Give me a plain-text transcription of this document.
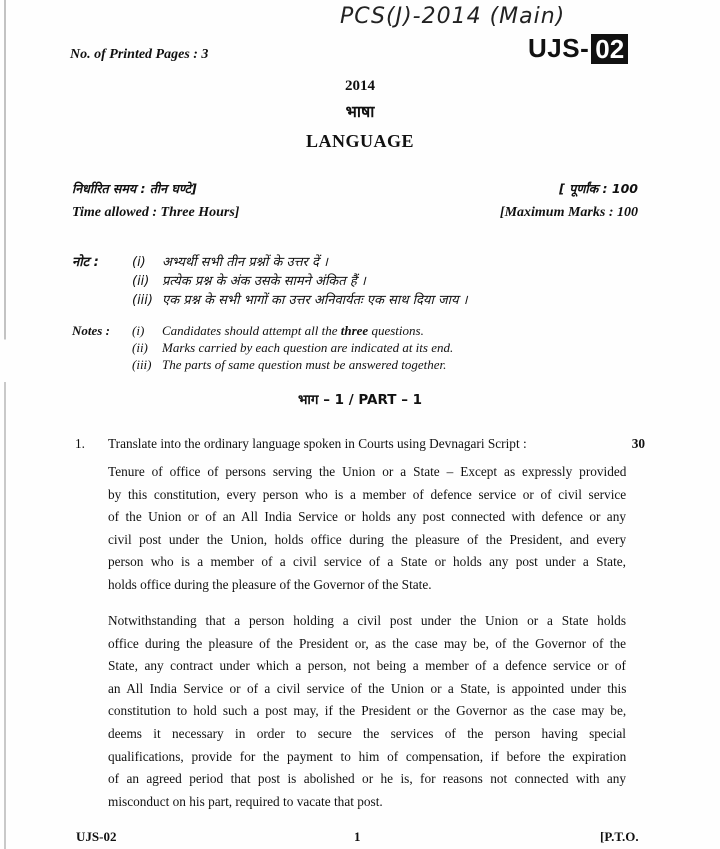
PCS(J)-2014 (Main)
No. of Printed Pages : 3	UJS- 02
2014
भाषा
LANGUAGE
निर्धारित समय : तीन घण्टे]	[ पूर्णांक : 100
Time allowed : Three Hours]	[Maximum Marks : 100
नोट :	(i) अभ्यर्थी सभी तीन प्रश्नों के उत्तर दें ।
(ii) प्रत्येक प्रश्न के अंक उसके सामने अंकित हैं ।
(iii) एक प्रश्न के सभी भागों का उत्तर अनिवार्यतः एक साथ दिया जाय ।
Notes : (i) Candidates should attempt all the three questions.
(ii) Marks carried by each question are indicated at its end.
(iii) The parts of same question must be answered together.
भाग – 1 / PART – 1
1. Translate into the ordinary language spoken in Courts using Devnagari Script :	30
Tenure of office of persons serving the Union or a State – Except as expressly provided
by this constitution, every person who is a member of defence service or of civil service
of the Union or of an All India Service or holds any post connected with defence or any
civil post under the Union, holds office during the pleasure of the President, and every
person who is a member of a civil service of a State or holds any post under a State,
holds office during the pleasure of the Governor of the State.
Notwithstanding that a person holding a civil post under the Union or a State holds
office during the pleasure of the President or, as the case may be, of the Governor of the
State, any contract under which a person, not being a member of a defence service or of
an All India Service or of a civil service of the Union or a State, is appointed under this
constitution to hold such a post may, if the President or the Governor as the case may be,
deems it necessary in order to secure the services of the person having special
qualifications, provide for the payment to him of compensation, if before the expiration
of an agreed period that post is abolished or he is, for reasons not connected with any
misconduct on his part, required to vacate that post.
UJS-02	1	[P.T.O.
